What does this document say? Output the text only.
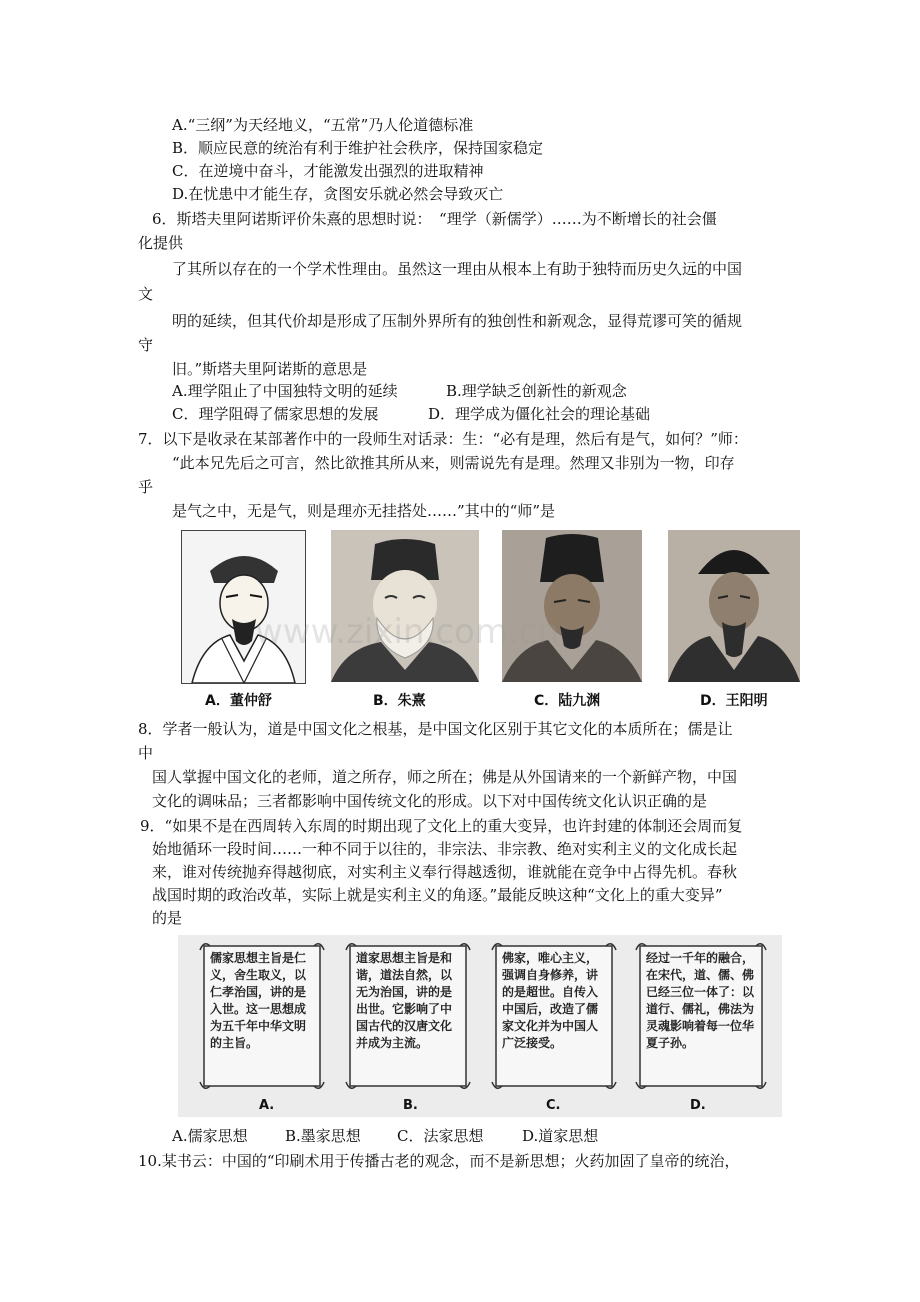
A.“三纲”为天经地义，“五常”乃人伦道德标准
B．顺应民意的统治有利于维护社会秩序，保持国家稳定
C．在逆境中奋斗，才能激发出强烈的进取精神
D.在忧患中才能生存，贪图安乐就必然会导致灭亡
6．斯塔夫里阿诺斯评价朱熹的思想时说：　“理学（新儒学）……为不断增长的社会僵
化提供
了其所以存在的一个学术性理由。虽然这一理由从根本上有助于独特而历史久远的中国
文
明的延续，但其代价却是形成了压制外界所有的独创性和新观念，显得荒谬可笑的循规
守
旧。”斯塔夫里阿诺斯的意思是
A.理学阻止了中国独特文明的延续	B.理学缺乏创新性的新观念
C．理学阻碍了儒家思想的发展	D．理学成为僵化社会的理论基础
7．以下是收录在某部著作中的一段师生对话录：生：“必有是理，然后有是气，如何？”师：
“此本兄先后之可言，然比欲推其所从来，则需说先有是理。然理又非别为一物，印存
乎
是气之中，无是气，则是理亦无挂搭处……”其中的“师”是
A．董仲舒	B．朱熹	C．陆九渊	D．王阳明
8．学者一般认为，道是中国文化之根基，是中国文化区别于其它文化的本质所在；儒是让
中
国人掌握中国文化的老师，道之所存，师之所在；佛是从外国请来的一个新鲜产物，中国
文化的调味品；三者都影响中国传统文化的形成。以下对中国传统文化认识正确的是
9．“如果不是在西周转入东周的时期出现了文化上的重大变异，也许封建的体制还会周而复
始地循环一段时间……一种不同于以往的，非宗法、非宗教、绝对实利主义的文化成长起
来，谁对传统抛弃得越彻底，对实利主义奉行得越透彻，谁就能在竞争中占得先机。春秋
战国时期的政治改革，实际上就是实利主义的角逐。”最能反映这种“文化上的重大变异”
的是
儒家思想主旨是仁义，舍生取义，以仁孝治国，讲的是入世。这一思想成为五千年中华文明的主旨。
道家思想主旨是和谐，道法自然，以无为治国，讲的是出世。它影响了中国古代的汉唐文化并成为主流。
佛家，唯心主义，强调自身修养，讲的是超世。自传入中国后，改造了儒家文化并为中国人广泛接受。
经过一千年的融合，在宋代，道、儒、佛已经三位一体了：以道行、儒礼，佛法为灵魂影响着每一位华夏子孙。
A.	B.	C.	D.
A.儒家思想 B.墨家思想 C．法家思想	D.道家思想
10.某书云：中国的“印刷术用于传播古老的观念，而不是新思想；火药加固了皇帝的统治，
www.zixin.com.cn
